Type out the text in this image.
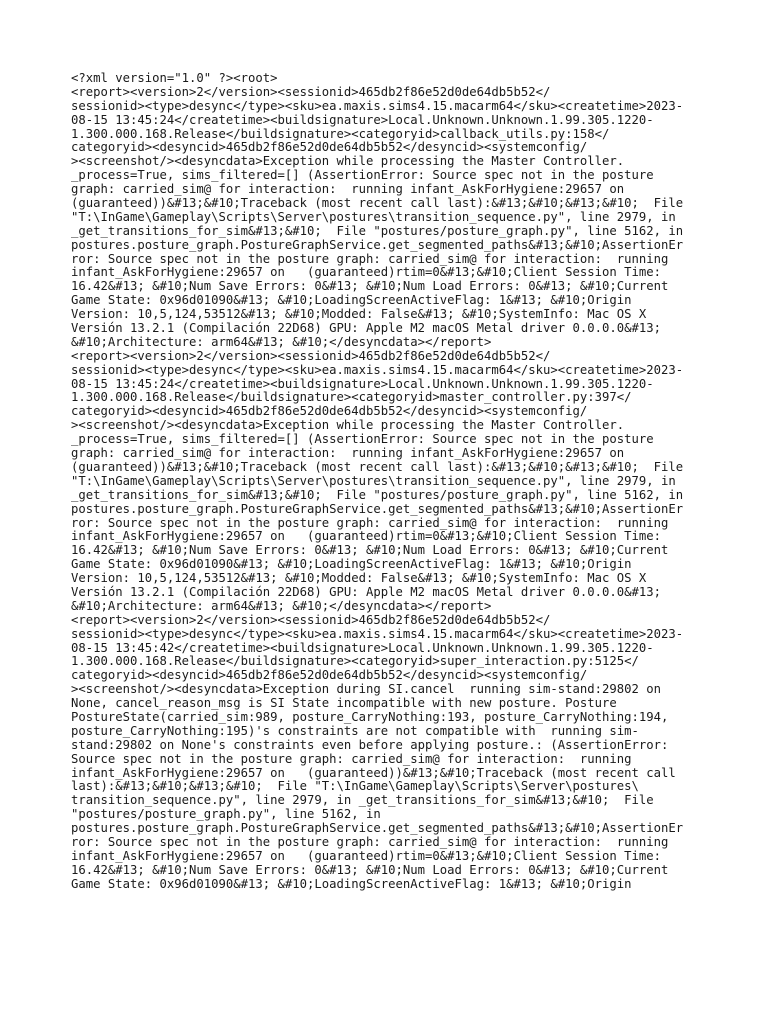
<?xml version="1.0" ?><root>
<report><version>2</version><sessionid>465db2f86e52d0de64db5b52</
sessionid><type>desync</type><sku>ea.maxis.sims4.15.macarm64</sku><createtime>2023-
08-15 13:45:24</createtime><buildsignature>Local.Unknown.Unknown.1.99.305.1220-
1.300.000.168.Release</buildsignature><categoryid>callback_utils.py:158</
categoryid><desyncid>465db2f86e52d0de64db5b52</desyncid><systemconfig/
><screenshot/><desyncdata>Exception while processing the Master Controller.
_process=True, sims_filtered=[] (AssertionError: Source spec not in the posture
graph: carried_sim@ for interaction:  running infant_AskForHygiene:29657 on
(guaranteed))&#13;&#10;Traceback (most recent call last):&#13;&#10;&#13;&#10;  File
"T:\InGame\Gameplay\Scripts\Server\postures\transition_sequence.py", line 2979, in
_get_transitions_for_sim&#13;&#10;  File "postures/posture_graph.py", line 5162, in
postures.posture_graph.PostureGraphService.get_segmented_paths&#13;&#10;AssertionEr
ror: Source spec not in the posture graph: carried_sim@ for interaction:  running
infant_AskForHygiene:29657 on   (guaranteed)rtim=0&#13;&#10;Client Session Time:
16.42&#13; &#10;Num Save Errors: 0&#13; &#10;Num Load Errors: 0&#13; &#10;Current
Game State: 0x96d01090&#13; &#10;LoadingScreenActiveFlag: 1&#13; &#10;Origin
Version: 10,5,124,53512&#13; &#10;Modded: False&#13; &#10;SystemInfo: Mac OS X
Versión 13.2.1 (Compilación 22D68) GPU: Apple M2 macOS Metal driver 0.0.0.0&#13;
&#10;Architecture: arm64&#13; &#10;</desyncdata></report>
<report><version>2</version><sessionid>465db2f86e52d0de64db5b52</
sessionid><type>desync</type><sku>ea.maxis.sims4.15.macarm64</sku><createtime>2023-
08-15 13:45:24</createtime><buildsignature>Local.Unknown.Unknown.1.99.305.1220-
1.300.000.168.Release</buildsignature><categoryid>master_controller.py:397</
categoryid><desyncid>465db2f86e52d0de64db5b52</desyncid><systemconfig/
><screenshot/><desyncdata>Exception while processing the Master Controller.
_process=True, sims_filtered=[] (AssertionError: Source spec not in the posture
graph: carried_sim@ for interaction:  running infant_AskForHygiene:29657 on
(guaranteed))&#13;&#10;Traceback (most recent call last):&#13;&#10;&#13;&#10;  File
"T:\InGame\Gameplay\Scripts\Server\postures\transition_sequence.py", line 2979, in
_get_transitions_for_sim&#13;&#10;  File "postures/posture_graph.py", line 5162, in
postures.posture_graph.PostureGraphService.get_segmented_paths&#13;&#10;AssertionEr
ror: Source spec not in the posture graph: carried_sim@ for interaction:  running
infant_AskForHygiene:29657 on   (guaranteed)rtim=0&#13;&#10;Client Session Time:
16.42&#13; &#10;Num Save Errors: 0&#13; &#10;Num Load Errors: 0&#13; &#10;Current
Game State: 0x96d01090&#13; &#10;LoadingScreenActiveFlag: 1&#13; &#10;Origin
Version: 10,5,124,53512&#13; &#10;Modded: False&#13; &#10;SystemInfo: Mac OS X
Versión 13.2.1 (Compilación 22D68) GPU: Apple M2 macOS Metal driver 0.0.0.0&#13;
&#10;Architecture: arm64&#13; &#10;</desyncdata></report>
<report><version>2</version><sessionid>465db2f86e52d0de64db5b52</
sessionid><type>desync</type><sku>ea.maxis.sims4.15.macarm64</sku><createtime>2023-
08-15 13:45:42</createtime><buildsignature>Local.Unknown.Unknown.1.99.305.1220-
1.300.000.168.Release</buildsignature><categoryid>super_interaction.py:5125</
categoryid><desyncid>465db2f86e52d0de64db5b52</desyncid><systemconfig/
><screenshot/><desyncdata>Exception during SI.cancel  running sim-stand:29802 on
None, cancel_reason_msg is SI State incompatible with new posture. Posture
PostureState(carried_sim:989, posture_CarryNothing:193, posture_CarryNothing:194,
posture_CarryNothing:195)'s constraints are not compatible with  running sim-
stand:29802 on None's constraints even before applying posture.: (AssertionError:
Source spec not in the posture graph: carried_sim@ for interaction:  running
infant_AskForHygiene:29657 on   (guaranteed))&#13;&#10;Traceback (most recent call
last):&#13;&#10;&#13;&#10;  File "T:\InGame\Gameplay\Scripts\Server\postures\
transition_sequence.py", line 2979, in _get_transitions_for_sim&#13;&#10;  File
"postures/posture_graph.py", line 5162, in
postures.posture_graph.PostureGraphService.get_segmented_paths&#13;&#10;AssertionEr
ror: Source spec not in the posture graph: carried_sim@ for interaction:  running
infant_AskForHygiene:29657 on   (guaranteed)rtim=0&#13;&#10;Client Session Time:
16.42&#13; &#10;Num Save Errors: 0&#13; &#10;Num Load Errors: 0&#13; &#10;Current
Game State: 0x96d01090&#13; &#10;LoadingScreenActiveFlag: 1&#13; &#10;Origin
